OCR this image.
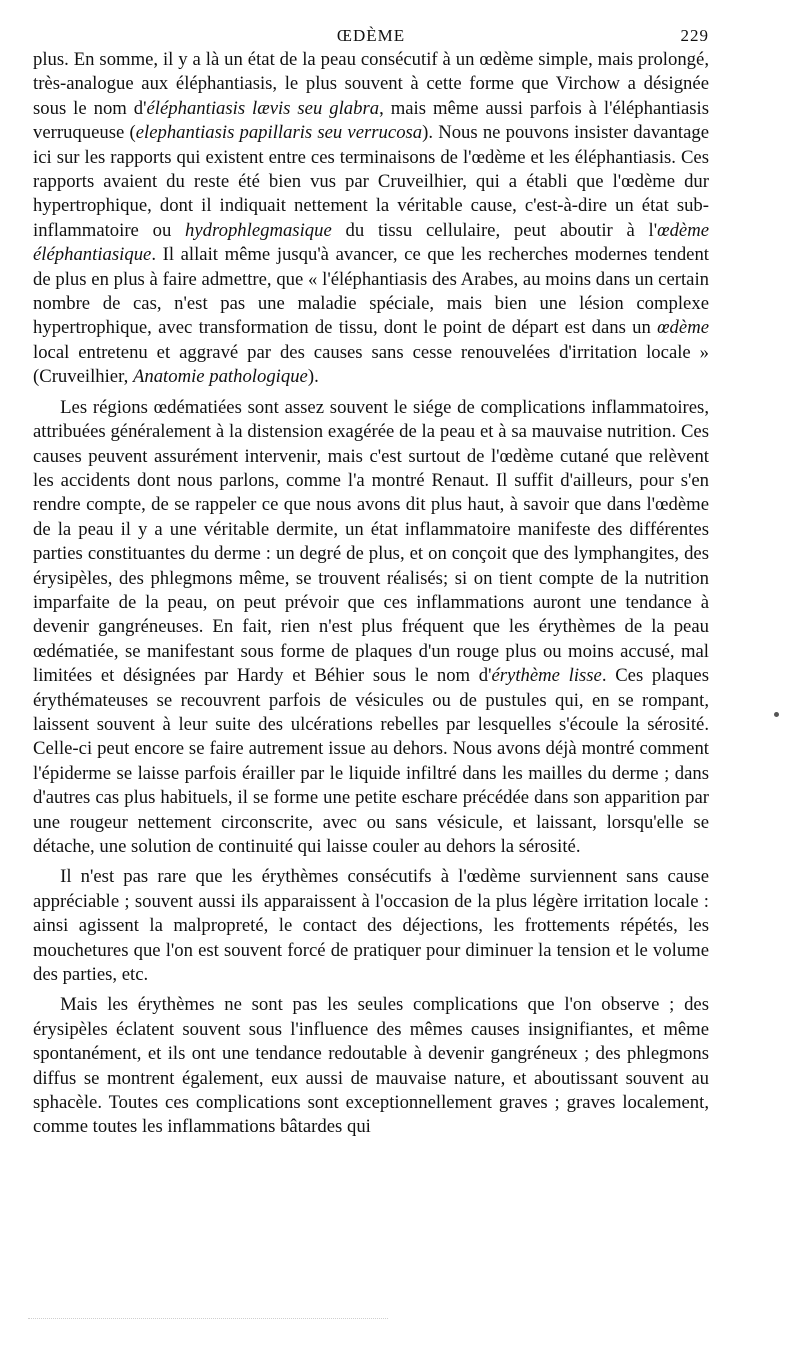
ŒDÈME	229

plus. En somme, il y a là un état de la peau consécutif à un œdème simple, mais prolongé, très-analogue aux éléphantiasis, le plus souvent à cette forme que Virchow a désignée sous le nom d'éléphantiasis lævis seu glabra, mais même aussi parfois à l'éléphantiasis verruqueuse (elephantiasis papillaris seu verrucosa). Nous ne pouvons insister davantage ici sur les rapports qui existent entre ces terminaisons de l'œdème et les éléphantiasis. Ces rapports avaient du reste été bien vus par Cruveilhier, qui a établi que l'œdème dur hypertrophique, dont il indiquait nettement la véritable cause, c'est-à-dire un état sub-inflammatoire ou hydrophlegmasique du tissu cellulaire, peut aboutir à l'œdème éléphantiasique. Il allait même jusqu'à avancer, ce que les recherches modernes tendent de plus en plus à faire admettre, que « l'éléphantiasis des Arabes, au moins dans un certain nombre de cas, n'est pas une maladie spéciale, mais bien une lésion complexe hypertrophique, avec transformation de tissu, dont le point de départ est dans un œdème local entretenu et aggravé par des causes sans cesse renouvelées d'irritation locale » (Cruveilhier, Anatomie pathologique).

Les régions œdématiées sont assez souvent le siége de complications inflammatoires, attribuées généralement à la distension exagérée de la peau et à sa mauvaise nutrition. Ces causes peuvent assurément intervenir, mais c'est surtout de l'œdème cutané que relèvent les accidents dont nous parlons, comme l'a montré Renaut. Il suffit d'ailleurs, pour s'en rendre compte, de se rappeler ce que nous avons dit plus haut, à savoir que dans l'œdème de la peau il y a une véritable dermite, un état inflammatoire manifeste des différentes parties constituantes du derme : un degré de plus, et on conçoit que des lymphangites, des érysipèles, des phlegmons même, se trouvent réalisés; si on tient compte de la nutrition imparfaite de la peau, on peut prévoir que ces inflammations auront une tendance à devenir gangréneuses. En fait, rien n'est plus fréquent que les érythèmes de la peau œdématiée, se manifestant sous forme de plaques d'un rouge plus ou moins accusé, mal limitées et désignées par Hardy et Béhier sous le nom d'érythème lisse. Ces plaques érythémateuses se recouvrent parfois de vésicules ou de pustules qui, en se rompant, laissent souvent à leur suite des ulcérations rebelles par lesquelles s'écoule la sérosité. Celle-ci peut encore se faire autrement issue au dehors. Nous avons déjà montré comment l'épiderme se laisse parfois érailler par le liquide infiltré dans les mailles du derme ; dans d'autres cas plus habituels, il se forme une petite eschare précédée dans son apparition par une rougeur nettement circonscrite, avec ou sans vésicule, et laissant, lorsqu'elle se détache, une solution de continuité qui laisse couler au dehors la sérosité.

Il n'est pas rare que les érythèmes consécutifs à l'œdème surviennent sans cause appréciable ; souvent aussi ils apparaissent à l'occasion de la plus légère irritation locale : ainsi agissent la malpropreté, le contact des déjections, les frottements répétés, les mouchetures que l'on est souvent forcé de pratiquer pour diminuer la tension et le volume des parties, etc.

Mais les érythèmes ne sont pas les seules complications que l'on observe ; des érysipèles éclatent souvent sous l'influence des mêmes causes insignifiantes, et même spontanément, et ils ont une tendance redoutable à devenir gangréneux ; des phlegmons diffus se montrent également, eux aussi de mauvaise nature, et aboutissant souvent au sphacèle. Toutes ces complications sont exceptionnellement graves ; graves localement, comme toutes les inflammations bâtardes qui
